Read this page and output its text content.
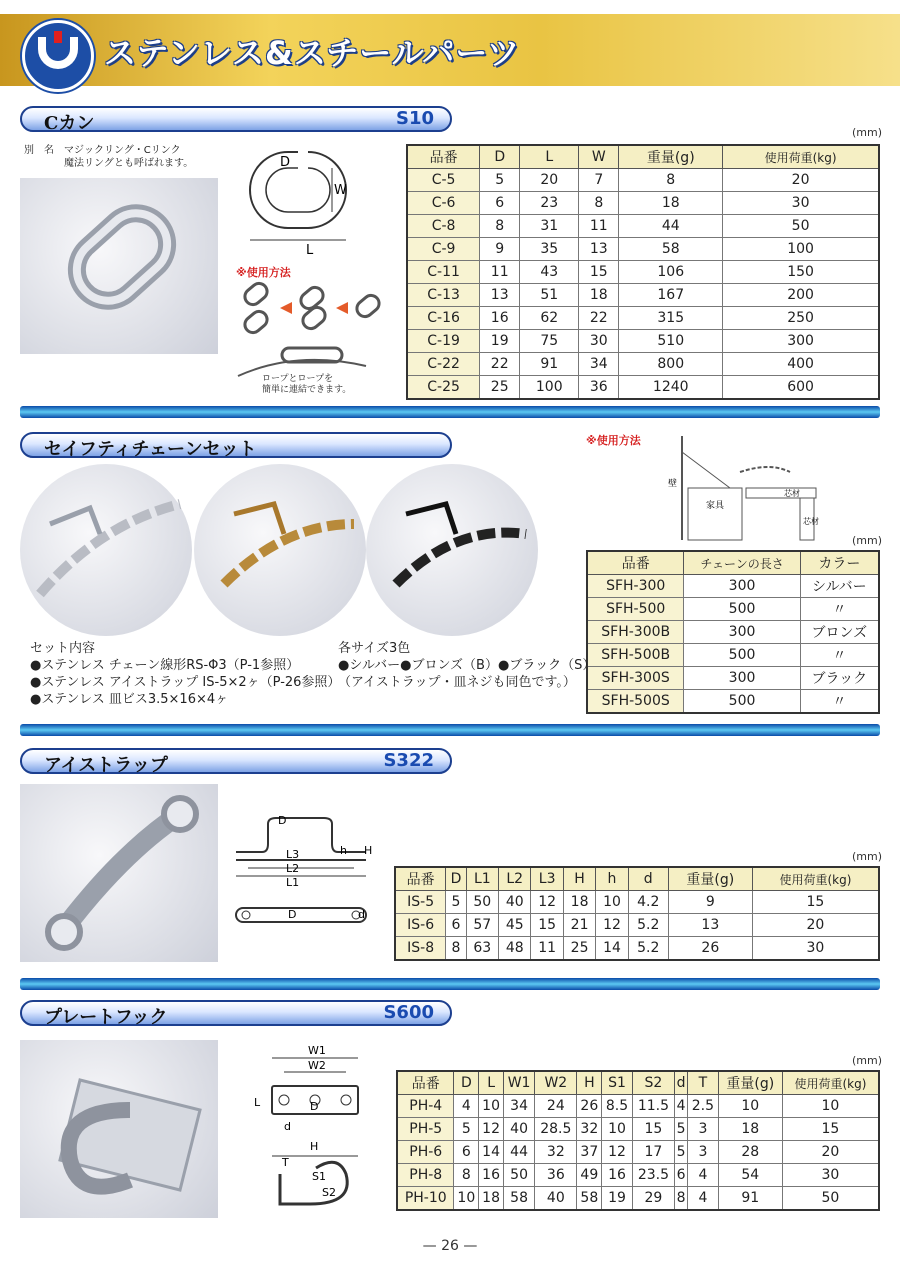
ステンレス&スチールパーツ
Cカン	S10
(mm)
別　名　 マジックリング・Cリンク
魔法リングとも呼ばれます。	D
W
L
※使用方法
ロープとロープを
簡単に連結できます。
品番	D	L	W	重量(g)	使用荷重(kg)
C-5	5	20	7	8	20
C-6	6	23	8	18	30
C-8	8	31	11	44	50
C-9	9	35	13	58	100
C-11	11	43	15	106	150
C-13	13	51	18	167	200
C-16	16	62	22	315	250
C-19	19	75	30	510	300
C-22	22	91	34	800	400
C-25	25	100	36	1240	600
セイフティチェーンセット	※使用方法
壁
家具
芯材
芯材
(mm)
品番	チェーンの長さ	カラー
SFH-300	300	シルバー
SFH-500	500	〃
SFH-300B	300	ブロンズ
SFH-500B	500	〃
SFH-300S	300	ブラック
SFH-500S	500	〃
セット内容
●ステンレス チェーン線形RS-Φ3（P-1参照）
●ステンレス アイストラップ IS-5×2ヶ（P-26参照）
●ステンレス 皿ビス3.5×16×4ヶ
各サイズ3色
●シルバー●ブロンズ（B）●ブラック（S）
（アイストラップ・皿ネジも同色です。）
アイストラップ	S322
D
h H
L3
L2
L1
D	d
(mm)
品番	D	L1	L2	L3	H	h	d	重量(g)	使用荷重(kg)
IS-5	5	50	40	12	18	10	4.2	9	15
IS-6	6	57	45	15	21	12	5.2	13	20
IS-8	8	63	48	11	25	14	5.2	26	30
プレートフック	S600
W1
W2
L	D
d
H
T
S1
S2
(mm)
品番	D	L	W1	W2	H	S1	S2	d	T	重量(g)	使用荷重(kg)
PH-4	4	10	34	24	26	8.5	11.5	4	2.5	10	10
PH-5	5	12	40	28.5	32	10	15	5	3	18	15
PH-6	6	14	44	32	37	12	17	5	3	28	20
PH-8	8	16	50	36	49	16	23.5	6	4	54	30
PH-10	10	18	58	40	58	19	29	8	4	91	50
— 26 —
